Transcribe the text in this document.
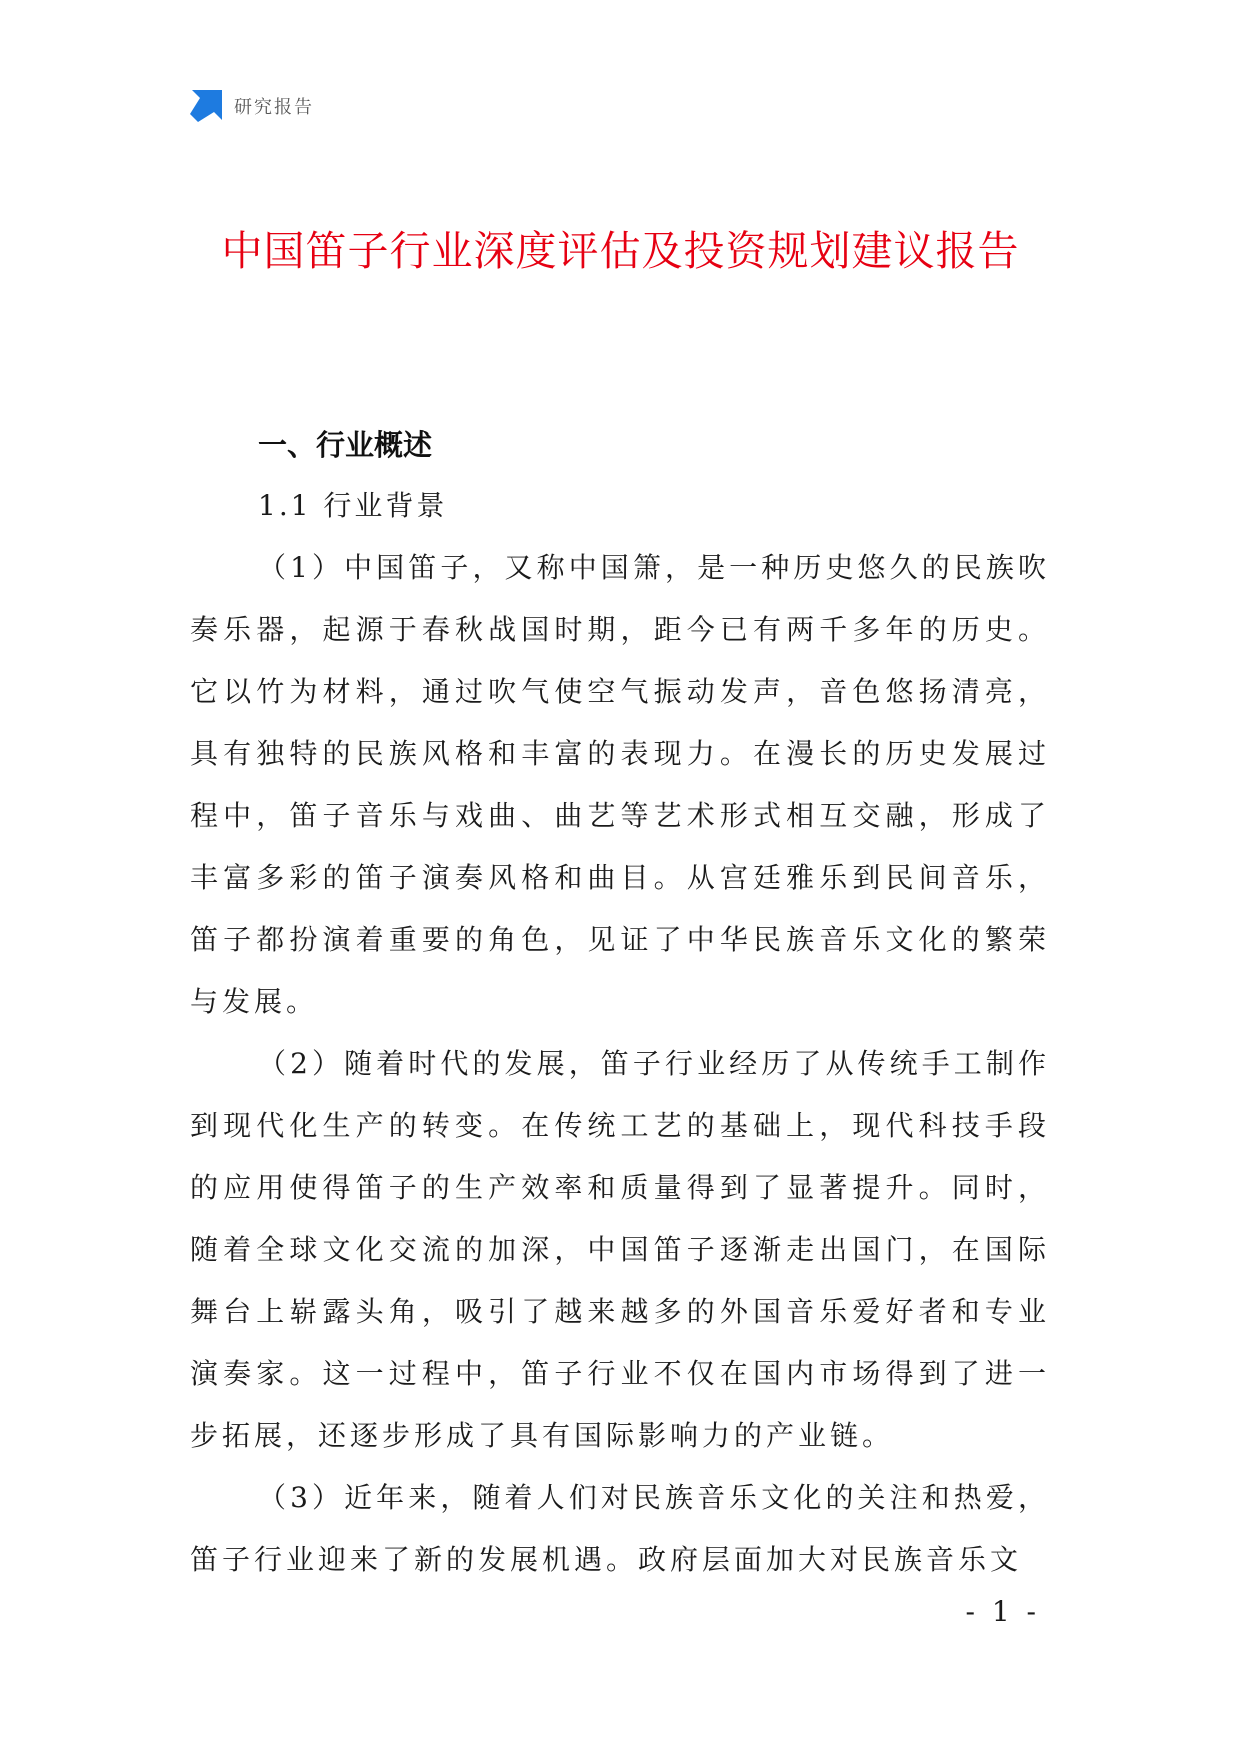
研究报告
中国笛子行业深度评估及投资规划建议报告
一、行业概述
1.1 行业背景

（1）中国笛子，又称中国箫，是一种历史悠久的民族吹奏乐器，起源于春秋战国时期，距今已有两千多年的历史。它以竹为材料，通过吹气使空气振动发声，音色悠扬清亮，具有独特的民族风格和丰富的表现力。在漫长的历史发展过程中，笛子音乐与戏曲、曲艺等艺术形式相互交融，形成了丰富多彩的笛子演奏风格和曲目。从宫廷雅乐到民间音乐，笛子都扮演着重要的角色，见证了中华民族音乐文化的繁荣与发展。

（2）随着时代的发展，笛子行业经历了从传统手工制作到现代化生产的转变。在传统工艺的基础上，现代科技手段的应用使得笛子的生产效率和质量得到了显著提升。同时，随着全球文化交流的加深，中国笛子逐渐走出国门，在国际舞台上崭露头角，吸引了越来越多的外国音乐爱好者和专业演奏家。这一过程中，笛子行业不仅在国内市场得到了进一步拓展，还逐步形成了具有国际影响力的产业链。

（3）近年来，随着人们对民族音乐文化的关注和热爱，笛子行业迎来了新的发展机遇。政府层面加大对民族音乐文

- 1 -
